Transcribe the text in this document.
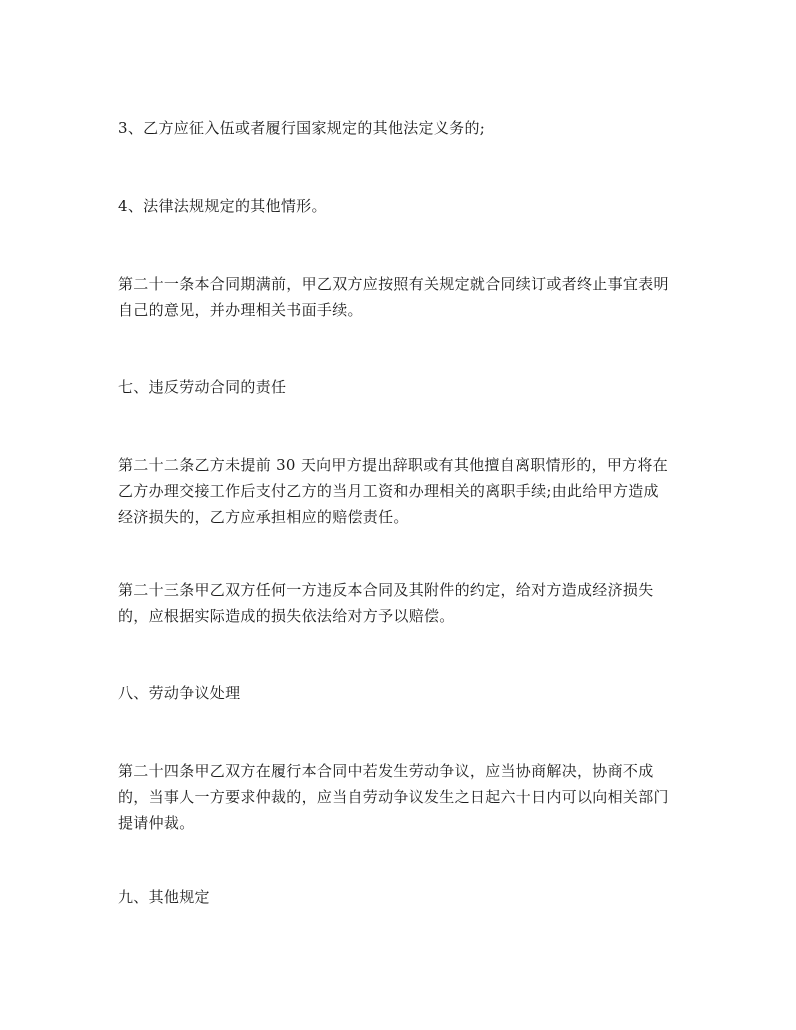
3、乙方应征入伍或者履行国家规定的其他法定义务的;

4、法律法规规定的其他情形。

第二十一条本合同期满前，甲乙双方应按照有关规定就合同续订或者终止事宜表明
自己的意见，并办理相关书面手续。

七、违反劳动合同的责任

第二十二条乙方未提前 30 天向甲方提出辞职或有其他擅自离职情形的，甲方将在
乙方办理交接工作后支付乙方的当月工资和办理相关的离职手续;由此给甲方造成
经济损失的，乙方应承担相应的赔偿责任。

第二十三条甲乙双方任何一方违反本合同及其附件的约定，给对方造成经济损失
的，应根据实际造成的损失依法给对方予以赔偿。

八、劳动争议处理

第二十四条甲乙双方在履行本合同中若发生劳动争议，应当协商解决，协商不成
的，当事人一方要求仲裁的，应当自劳动争议发生之日起六十日内可以向相关部门
提请仲裁。

九、其他规定
